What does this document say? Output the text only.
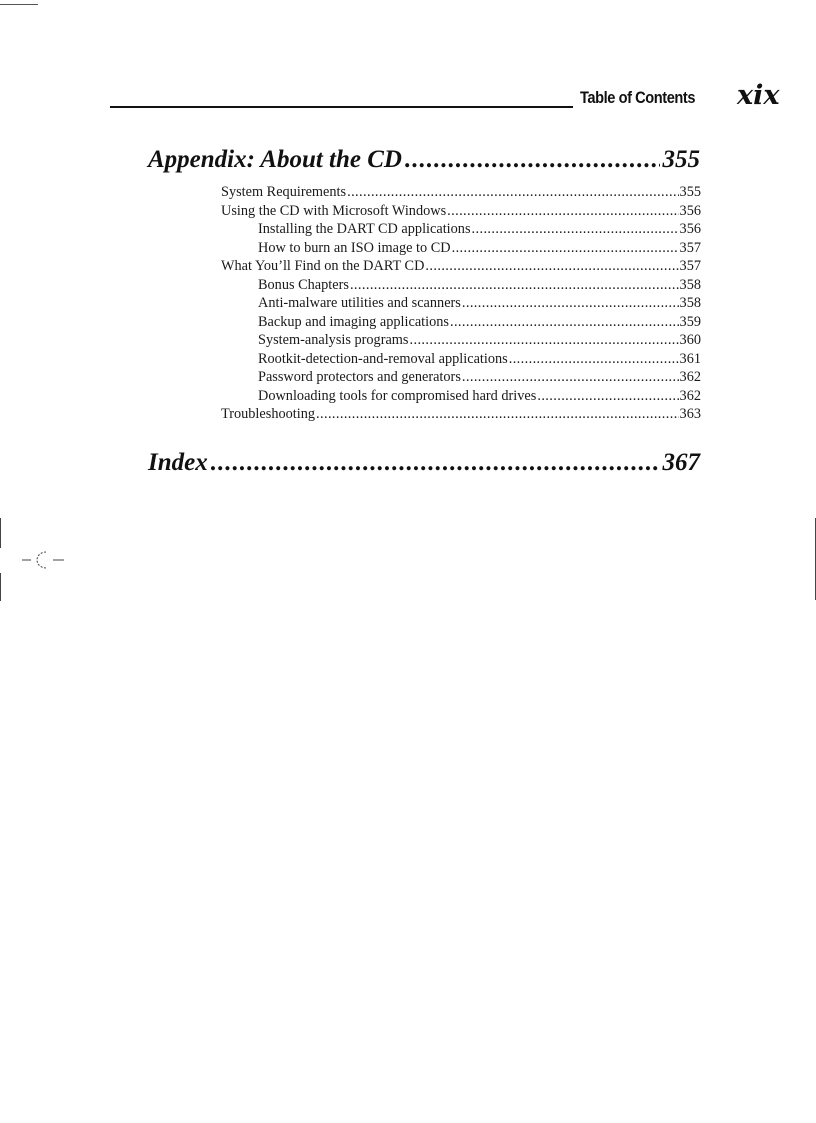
Table of Contents xix
Appendix: About the CD .....	355
System Requirements .....	355
Using the CD with Microsoft Windows .....	356
Installing the DART CD applications .....	356
How to burn an ISO image to CD .....	357
What You’ll Find on the DART CD .....	357
Bonus Chapters .....	358
Anti-malware utilities and scanners .....	358
Backup and imaging applications .....	359
System-analysis programs .....	360
Rootkit-detection-and-removal applications .....	361
Password protectors and generators .....	362
Downloading tools for compromised hard drives .....	362
Troubleshooting .....	363
Index .....	367
